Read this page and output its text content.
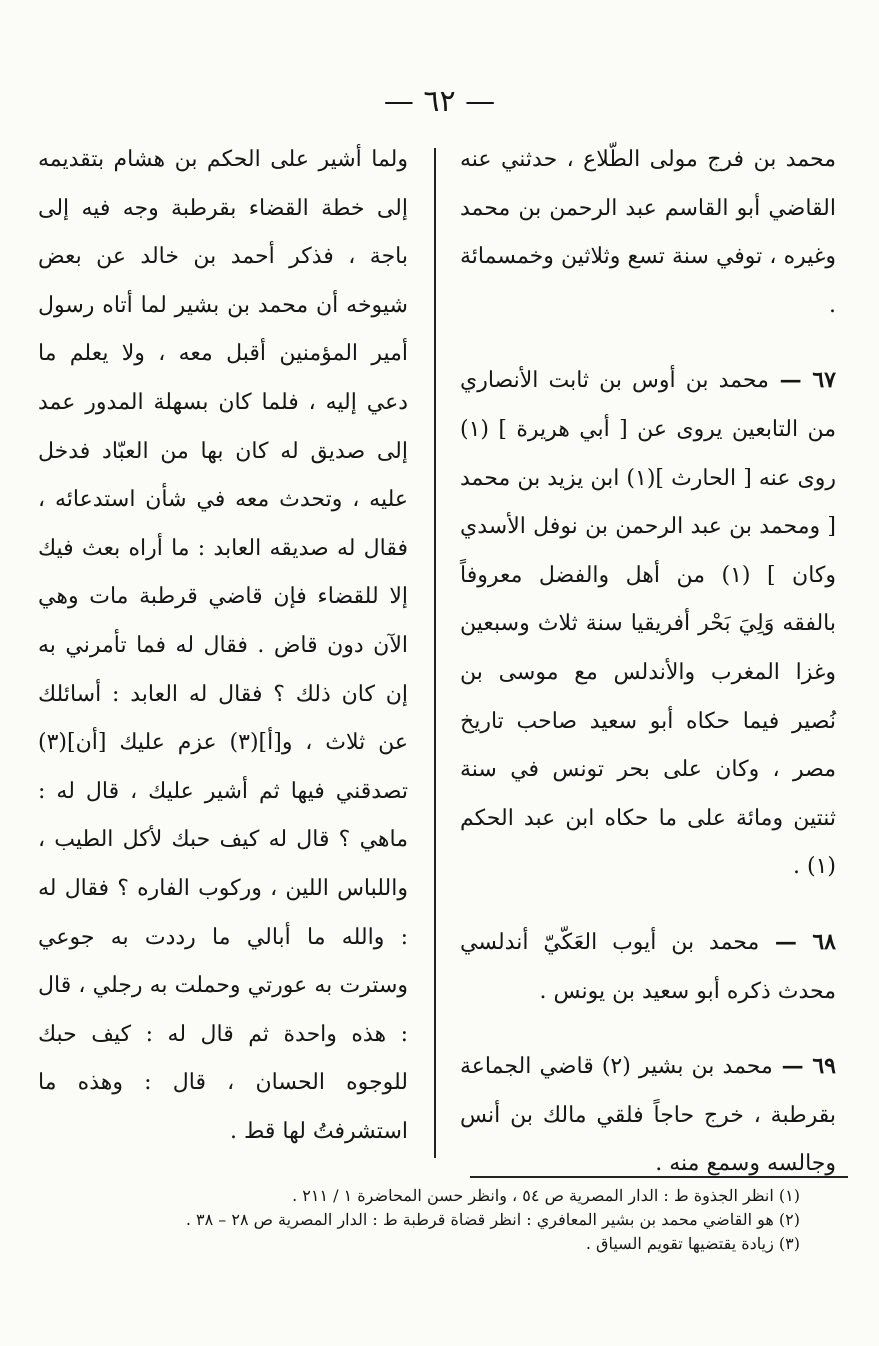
— ٦٢ —

محمد بن فرج مولى الطّلاع ، حدثني عنه القاضي أبو القاسم عبد الرحمن بن محمد وغيره ، توفي سنة تسع وثلاثين وخمسمائة .

٦٧ — محمد بن أوس بن ثابت الأنصاري من التابعين يروى عن [ أبي هريرة ] (١) روى عنه [ الحارث ](١) ابن يزيد بن محمد [ ومحمد بن عبد الرحمن بن نوفل الأسدي وكان ] (١) من أهل والفضل معروفاً بالفقه وَلِيَ بَحْر أفريقيا سنة ثلاث وسبعين وغزا المغرب والأندلس مع موسى بن نُصير فيما حكاه أبو سعيد صاحب تاريخ مصر ، وكان على بحر تونس في سنة ثنتين ومائة على ما حكاه ابن عبد الحكم (١) .

٦٨ — محمد بن أيوب العَكّيّ أندلسي محدث ذكره أبو سعيد بن يونس .

٦٩ — محمد بن بشير (٢) قاضي الجماعة بقرطبة ، خرج حاجاً فلقي مالك بن أنس وجالسه وسمع منه .

ولما أشير على الحكم بن هشام بتقديمه إلى خطة القضاء بقرطبة وجه فيه إلى باجة ، فذكر أحمد بن خالد عن بعض شيوخه أن محمد بن بشير لما أتاه رسول أمير المؤمنين أقبل معه ، ولا يعلم ما دعي إليه ، فلما كان بسهلة المدور عمد إلى صديق له كان بها من العبّاد فدخل عليه ، وتحدث معه في شأن استدعائه ، فقال له صديقه العابد : ما أراه بعث فيك إلا للقضاء فإن قاضي قرطبة مات وهي الآن دون قاض . فقال له فما تأمرني به إن كان ذلك ؟ فقال له العابد : أسائلك عن ثلاث ، و[أ](٣) عزم عليك [أن](٣) تصدقني فيها ثم أشير عليك ، قال له : ماهي ؟ قال له كيف حبك لأكل الطيب ، واللباس اللين ، وركوب الفاره ؟ فقال له : والله ما أبالي ما رددت به جوعي وسترت به عورتي وحملت به رجلي ، قال : هذه واحدة ثم قال له : كيف حبك للوجوه الحسان ، قال : وهذه ما استشرفتُ لها قط .

(١) انظر الجذوة ط : الدار المصرية ص ٥٤ ، وانظر حسن المحاضرة ١ / ٢١١ .

(٢) هو القاضي محمد بن بشير المعافري : انظر قضاة قرطبة ط : الدار المصرية ص ٢٨ – ٣٨ .

(٣) زيادة يقتضيها تقويم السياق .
